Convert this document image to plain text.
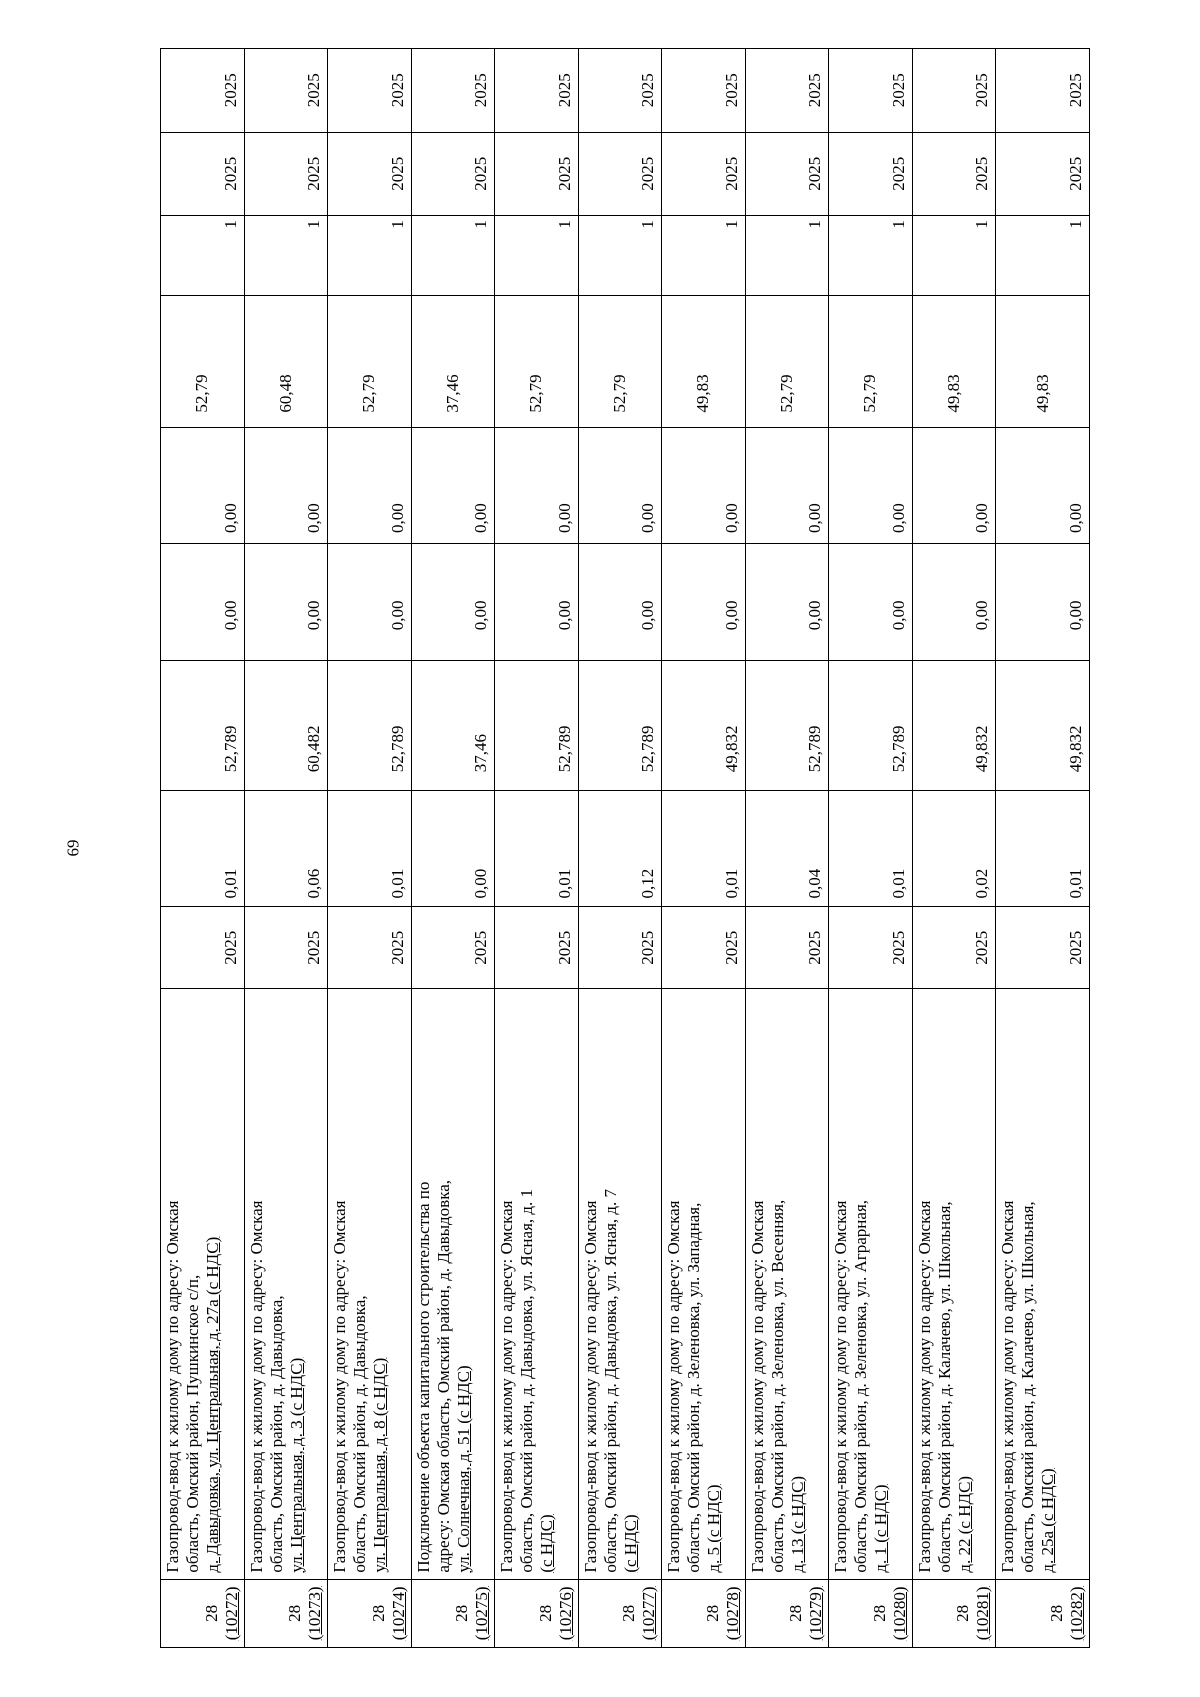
69
28 (10272)
Газопровод-ввод к жилому дому по адресу: Омская область, Омский район, Пушкинское с/п, д. Давыдовка, ул. Центральная, д. 27а (с НДС)
2025
0,01
52,789
0,00
0,00
52,79
1
2025
2025
28 (10273)
Газопровод-ввод к жилому дому по адресу: Омская область, Омский район, д. Давыдовка, ул. Центральная, д. 3 (с НДС)
2025
0,06
60,482
0,00
0,00
60,48
1
2025
2025
28 (10274)
Газопровод-ввод к жилому дому по адресу: Омская область, Омский район, д. Давыдовка, ул. Центральная, д. 8 (с НДС)
2025
0,01
52,789
0,00
0,00
52,79
1
2025
2025
28 (10275)
Подключение объекта капитального строительства по адресу: Омская область, Омский район, д. Давыдовка, ул. Солнечная, д. 51 (с НДС)
2025
0,00
37,46
0,00
0,00
37,46
1
2025
2025
28 (10276)
Газопровод-ввод к жилому дому по адресу: Омская область, Омский район, д. Давыдовка, ул. Ясная, д. 1 (с НДС)
2025
0,01
52,789
0,00
0,00
52,79
1
2025
2025
28 (10277)
Газопровод-ввод к жилому дому по адресу: Омская область, Омский район, д. Давыдовка, ул. Ясная, д. 7 (с НДС)
2025
0,12
52,789
0,00
0,00
52,79
1
2025
2025
28 (10278)
Газопровод-ввод к жилому дому по адресу: Омская область, Омский район, д. Зеленовка, ул. Западная, д. 5 (с НДС)
2025
0,01
49,832
0,00
0,00
49,83
1
2025
2025
28 (10279)
Газопровод-ввод к жилому дому по адресу: Омская область, Омский район, д. Зеленовка, ул. Весенняя, д. 13 (с НДС)
2025
0,04
52,789
0,00
0,00
52,79
1
2025
2025
28 (10280)
Газопровод-ввод к жилому дому по адресу: Омская область, Омский район, д. Зеленовка, ул. Аграрная, д. 1 (с НДС)
2025
0,01
52,789
0,00
0,00
52,79
1
2025
2025
28 (10281)
Газопровод-ввод к жилому дому по адресу: Омская область, Омский район, д. Калачево, ул. Школьная, д. 22 (с НДС)
2025
0,02
49,832
0,00
0,00
49,83
1
2025
2025
28 (10282)
Газопровод-ввод к жилому дому по адресу: Омская область, Омский район, д. Калачево, ул. Школьная, д. 25а (с НДС)
2025
0,01
49,832
0,00
0,00
49,83
1
2025
2025
